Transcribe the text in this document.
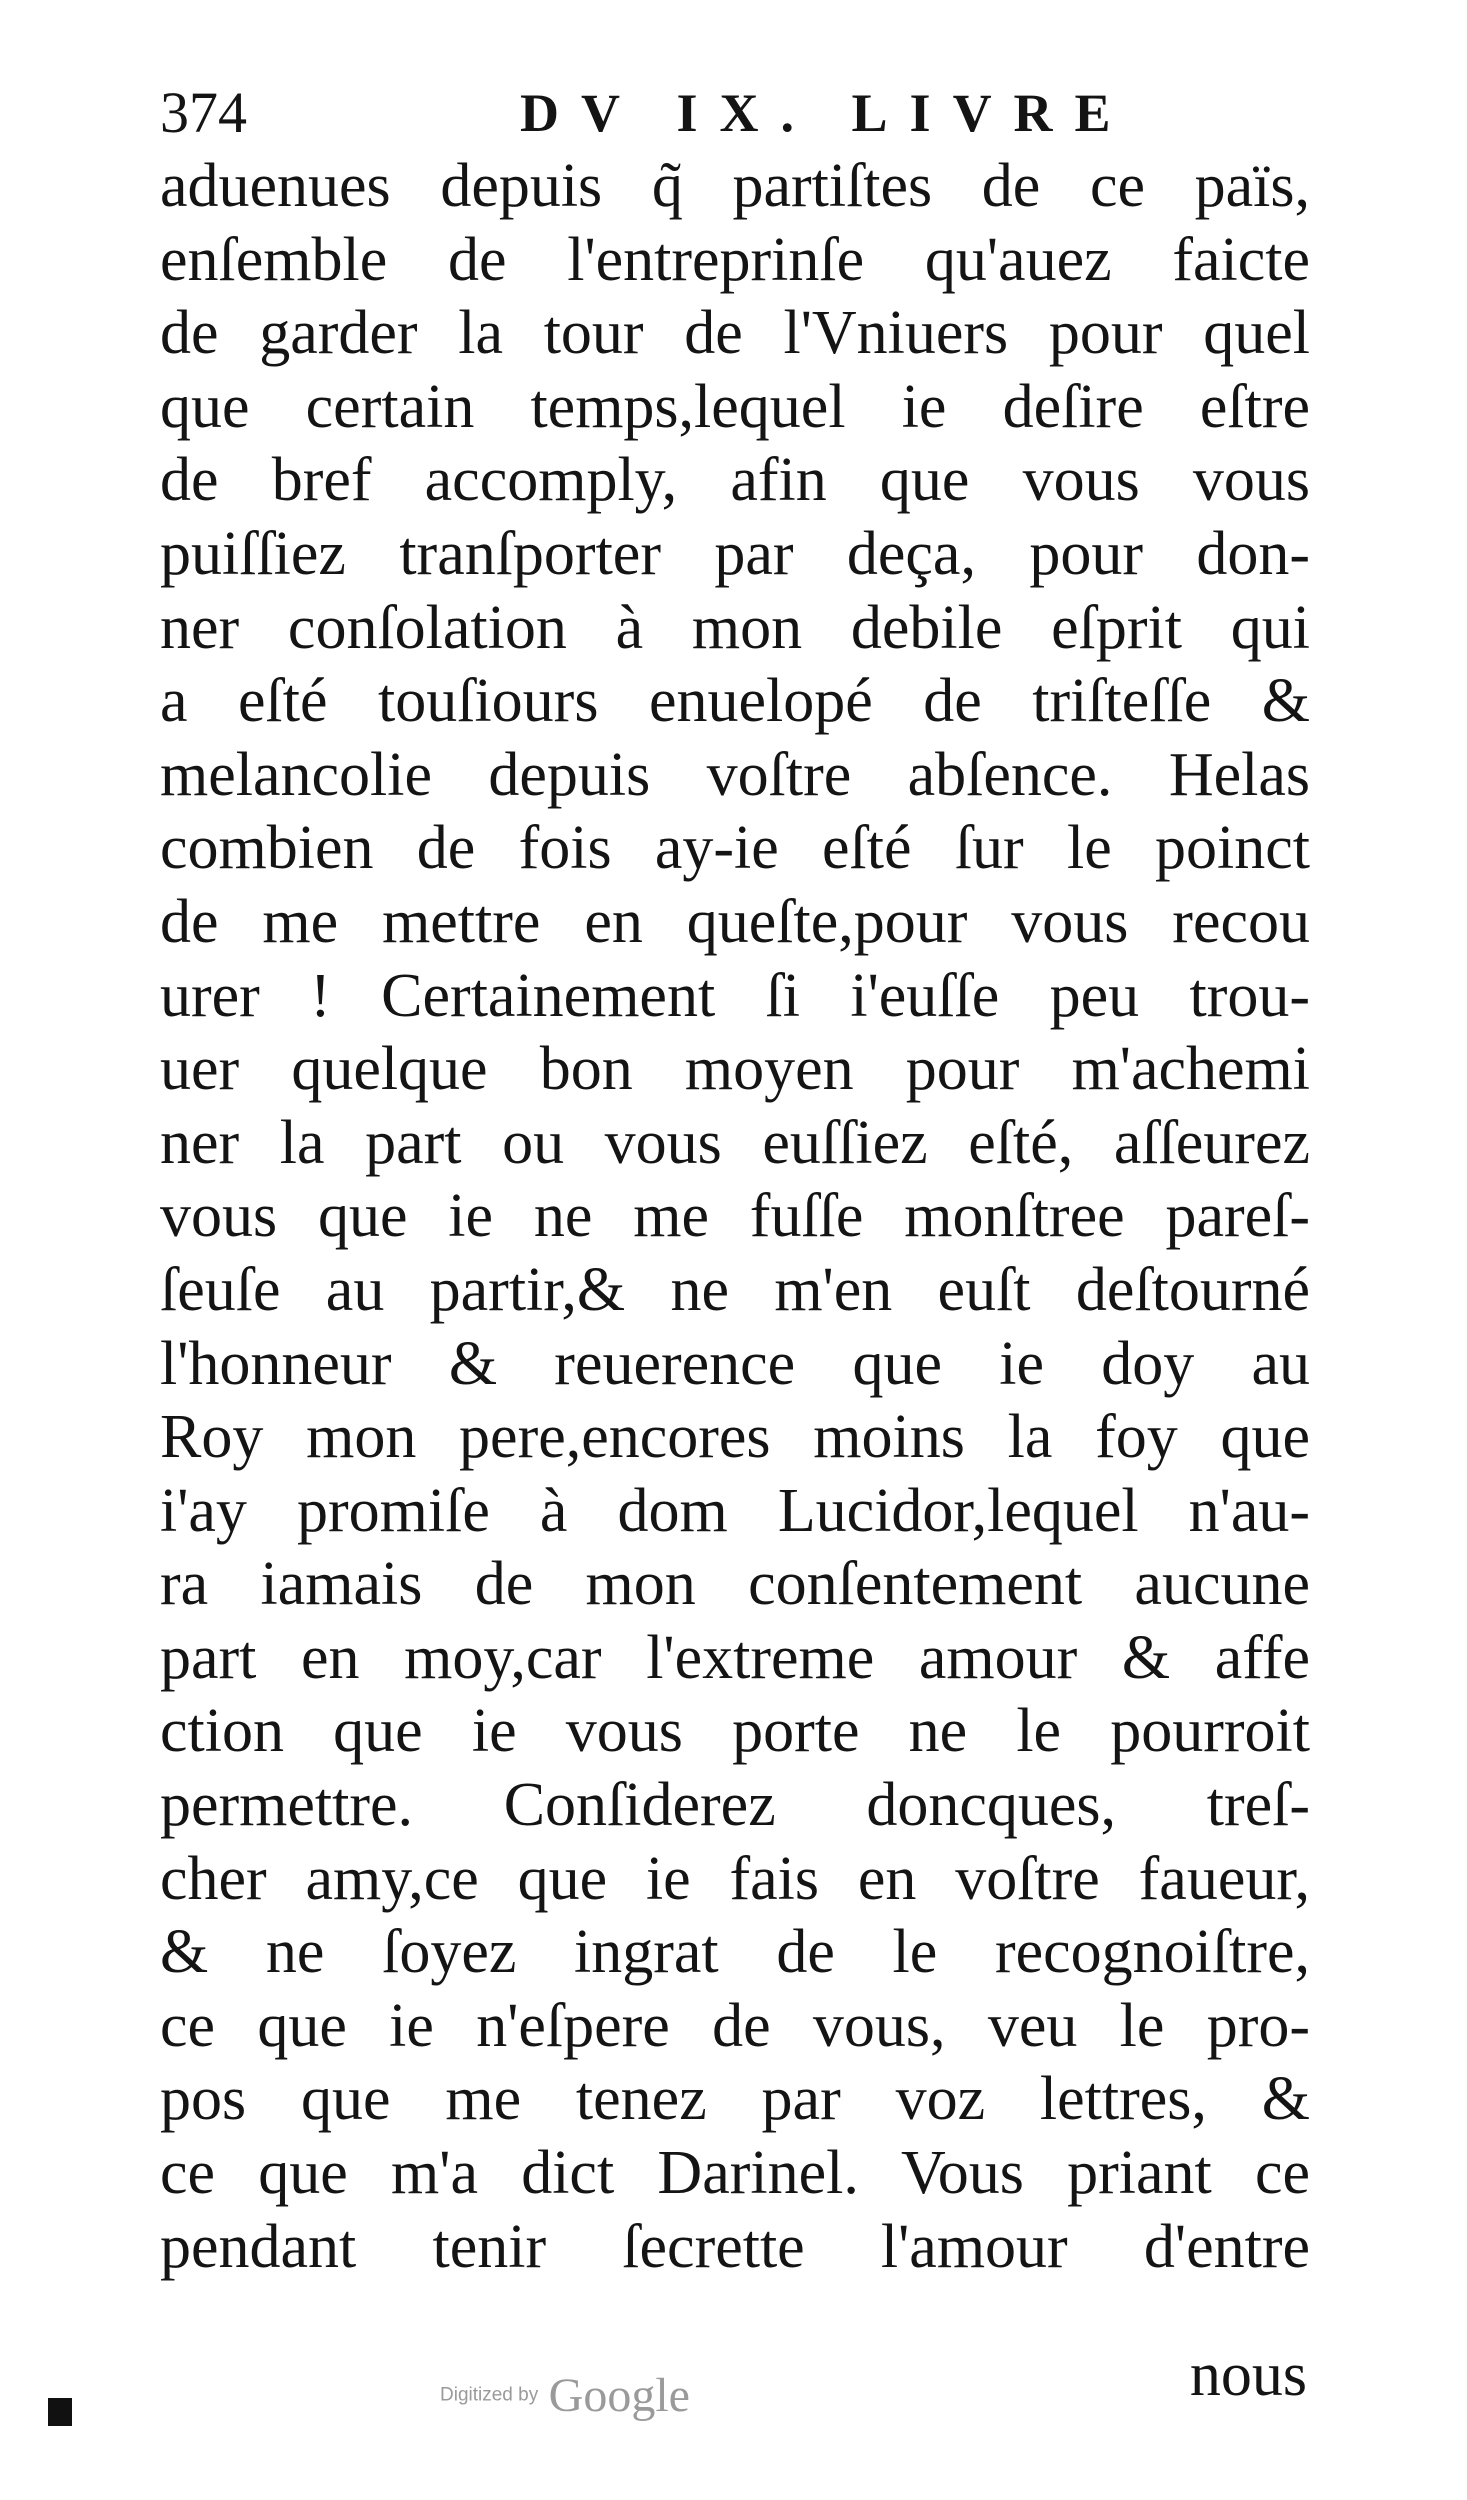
374	DV IX. LIVRE
aduenues depuis q̃ partiſtes de ce païs,
enſemble de l'entreprinſe qu'auez faicte
de garder la tour de l'Vniuers pour quel
que certain temps,lequel ie deſire eſtre
de bref accomply, afin que vous vous
puiſſiez tranſporter par deça, pour don-
ner conſolation à mon debile eſprit qui
a eſté touſiours enuelopé de triſteſſe &
melancolie depuis voſtre abſence. Helas
combien de fois ay-ie eſté ſur le poinct
de me mettre en queſte,pour vous recou
urer ! Certainement ſi i'euſſe peu trou-
uer quelque bon moyen pour m'achemi
ner la part ou vous euſſiez eſté, aſſeurez
vous que ie ne me fuſſe monſtree pareſ-
ſeuſe au partir,& ne m'en euſt deſtourné
l'honneur & reuerence que ie doy au
Roy mon pere,encores moins la foy que
i'ay promiſe à dom Lucidor,lequel n'au-
ra iamais de mon conſentement aucune
part en moy,car l'extreme amour & affe
ction que ie vous porte ne le pourroit
permettre. Conſiderez doncques, treſ-
cher amy,ce que ie fais en voſtre faueur,
& ne ſoyez ingrat de le recognoiſtre,
ce que ie n'eſpere de vous, veu le pro-
pos que me tenez par voz lettres, &
ce que m'a dict Darinel. Vous priant ce
pendant tenir ſecrette l'amour d'entre
nous
Digitized by Google
